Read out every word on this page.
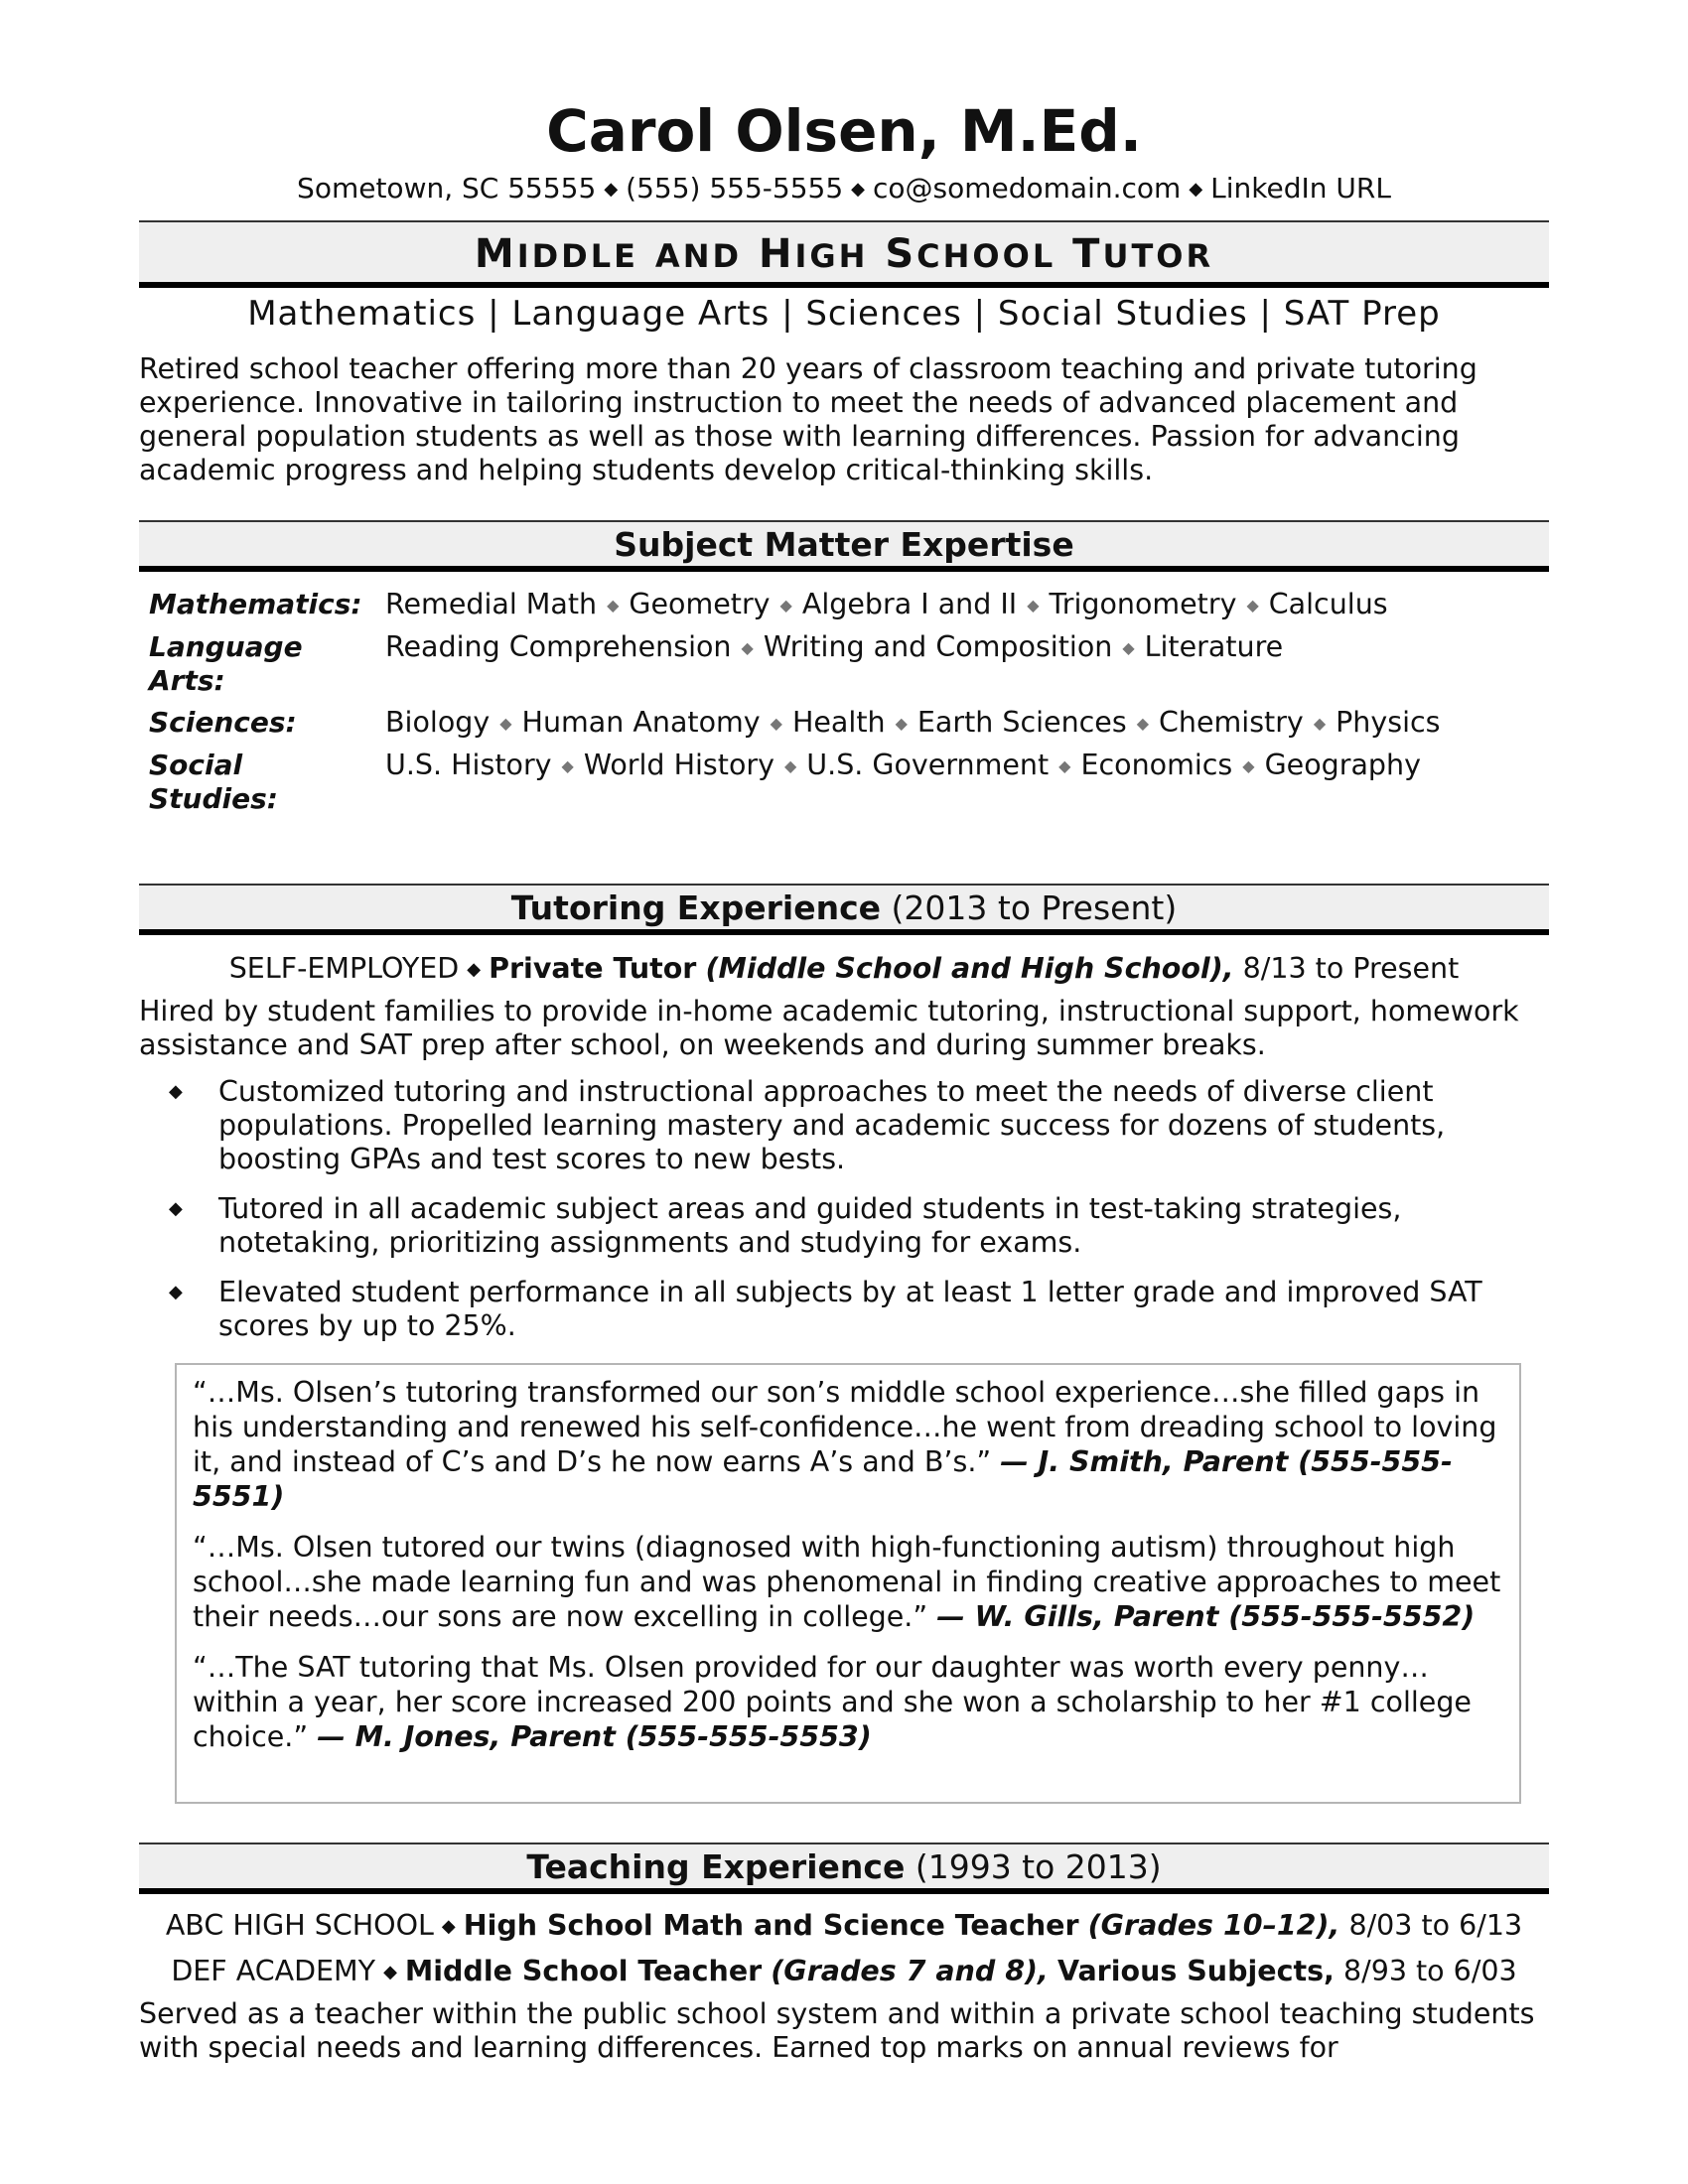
Carol Olsen, M.Ed.
Sometown, SC 55555 ◆ (555) 555-5555 ◆ co@somedomain.com ◆ LinkedIn URL
MIDDLE AND HIGH SCHOOL TUTOR
Mathematics | Language Arts | Sciences | Social Studies | SAT Prep
Retired school teacher offering more than 20 years of classroom teaching and private tutoring experience. Innovative in tailoring instruction to meet the needs of advanced placement and general population students as well as those with learning differences. Passion for advancing academic progress and helping students develop critical-thinking skills.
Subject Matter Expertise
Mathematics: Remedial Math ◆ Geometry ◆ Algebra I and II ◆ Trigonometry ◆ Calculus
Language Arts:
Reading Comprehension ◆ Writing and Composition ◆ Literature
Sciences:	Biology ◆ Human Anatomy ◆ Health ◆ Earth Sciences ◆ Chemistry ◆ Physics
Social Studies:
U.S. History ◆ World History ◆ U.S. Government ◆ Economics ◆ Geography
Tutoring Experience (2013 to Present)
SELF-EMPLOYED ◆ Private Tutor (Middle School and High School), 8/13 to Present
Hired by student families to provide in-home academic tutoring, instructional support, homework assistance and SAT prep after school, on weekends and during summer breaks.
◆ Customized tutoring and instructional approaches to meet the needs of diverse client populations. Propelled learning mastery and academic success for dozens of students, boosting GPAs and test scores to new bests.
◆ Tutored in all academic subject areas and guided students in test-taking strategies, notetaking, prioritizing assignments and studying for exams.
◆ Elevated student performance in all subjects by at least 1 letter grade and improved SAT scores by up to 25%.
“…Ms. Olsen’s tutoring transformed our son’s middle school experience…she filled gaps in his understanding and renewed his self-confidence…he went from dreading school to loving it, and instead of C’s and D’s he now earns A’s and B’s.” — J. Smith, Parent (555-555-5551)
“…Ms. Olsen tutored our twins (diagnosed with high-functioning autism) throughout high school…she made learning fun and was phenomenal in finding creative approaches to meet their needs…our sons are now excelling in college.” — W. Gills, Parent (555-555-5552)
“…The SAT tutoring that Ms. Olsen provided for our daughter was worth every penny…within a year, her score increased 200 points and she won a scholarship to her #1 college choice.” — M. Jones, Parent (555-555-5553)
Teaching Experience (1993 to 2013)
ABC HIGH SCHOOL ◆ High School Math and Science Teacher (Grades 10–12), 8/03 to 6/13
DEF ACADEMY ◆ Middle School Teacher (Grades 7 and 8), Various Subjects, 8/93 to 6/03
Served as a teacher within the public school system and within a private school teaching students with special needs and learning differences. Earned top marks on annual reviews for
